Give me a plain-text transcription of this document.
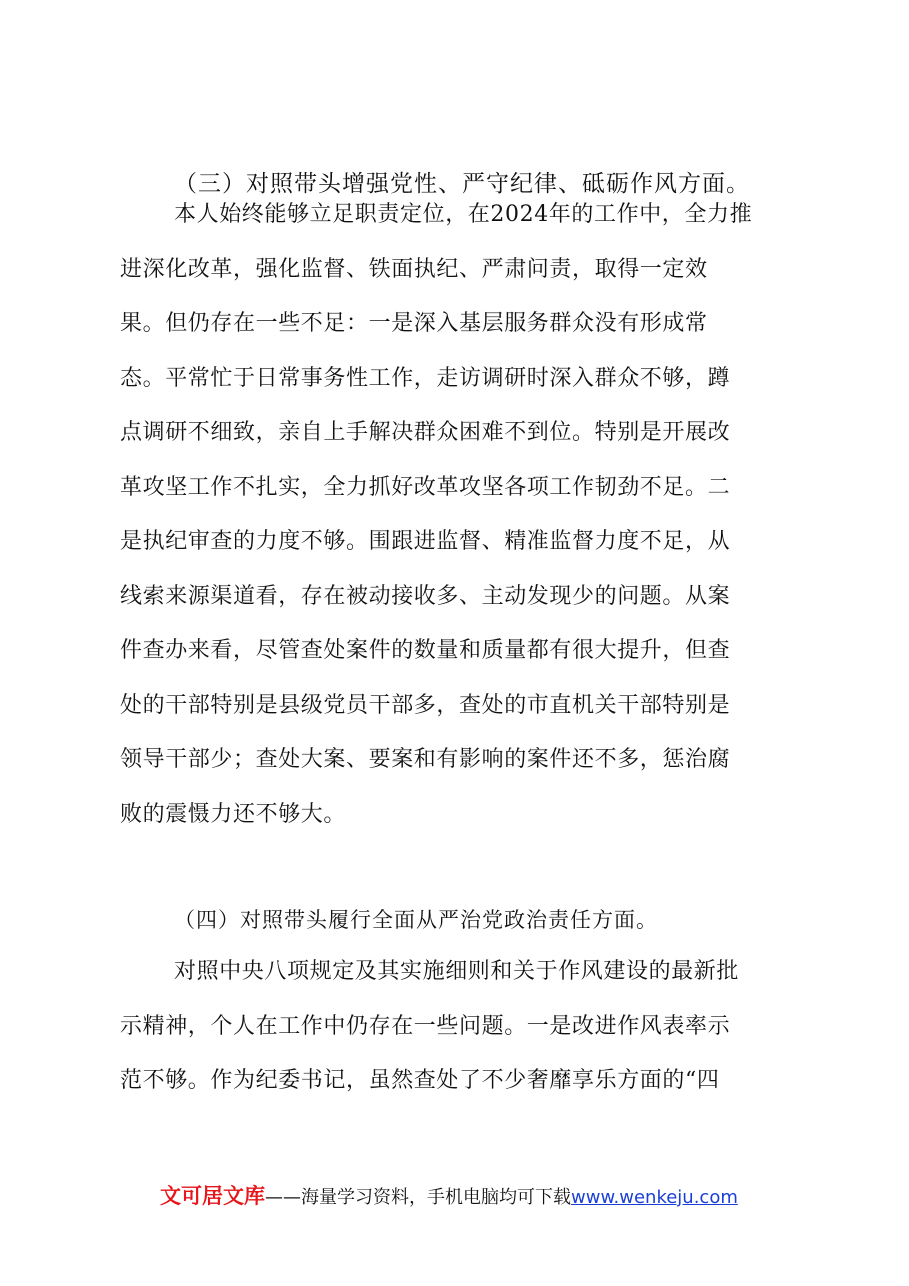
（三）对照带头增强党性、严守纪律、砥砺作风方面。
本人始终能够立足职责定位，在2024年的工作中，全力推
进深化改革，强化监督、铁面执纪、严肃问责，取得一定效
果。但仍存在一些不足：一是深入基层服务群众没有形成常
态。平常忙于日常事务性工作，走访调研时深入群众不够，蹲
点调研不细致，亲自上手解决群众困难不到位。特别是开展改
革攻坚工作不扎实，全力抓好改革攻坚各项工作韧劲不足。二
是执纪审查的力度不够。围跟进监督、精准监督力度不足，从
线索来源渠道看，存在被动接收多、主动发现少的问题。从案
件查办来看，尽管查处案件的数量和质量都有很大提升，但查
处的干部特别是县级党员干部多，查处的市直机关干部特别是
领导干部少；查处大案、要案和有影响的案件还不多，惩治腐
败的震慑力还不够大。
（四）对照带头履行全面从严治党政治责任方面。
对照中央八项规定及其实施细则和关于作风建设的最新批
示精神，个人在工作中仍存在一些问题。一是改进作风表率示
范不够。作为纪委书记，虽然查处了不少奢靡享乐方面的“四
文可居文库——海量学习资料，手机电脑均可下载www.wenkeju.com
